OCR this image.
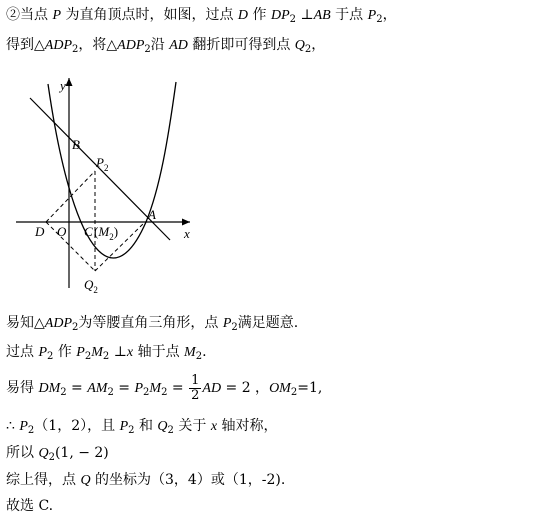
②当点 P 为直角顶点时，如图，过点 D 作 $DP_2$ ⊥AB 于点 $P_2$，
得到$\triangle ADP_2$，将$\triangle ADP_2$沿 AD 翻折即可得到点 $Q_2$，
y
x
B
$P_2$
D O C $(M_2)$
A
$Q_2$
易知$\triangle ADP_2$为等腰直角三角形，点 $P_2$满足题意.
过点 $P_2$ 作 $P_2M_2$ ⊥x 轴于点 $M_2$.
易得 $DM_2 = AM_2 = P_2M_2 = \frac{1}{2}$ AD = 2 ，$OM_2=1$,
∴ $P_2(1$，2），且 $P_2$ 和 $Q_2$ 关于 x 轴对称，
所以 $Q_2(1$, − 2)
综上得，点 Q 的坐标为（3，4）或（1，-2).
故选 C.
